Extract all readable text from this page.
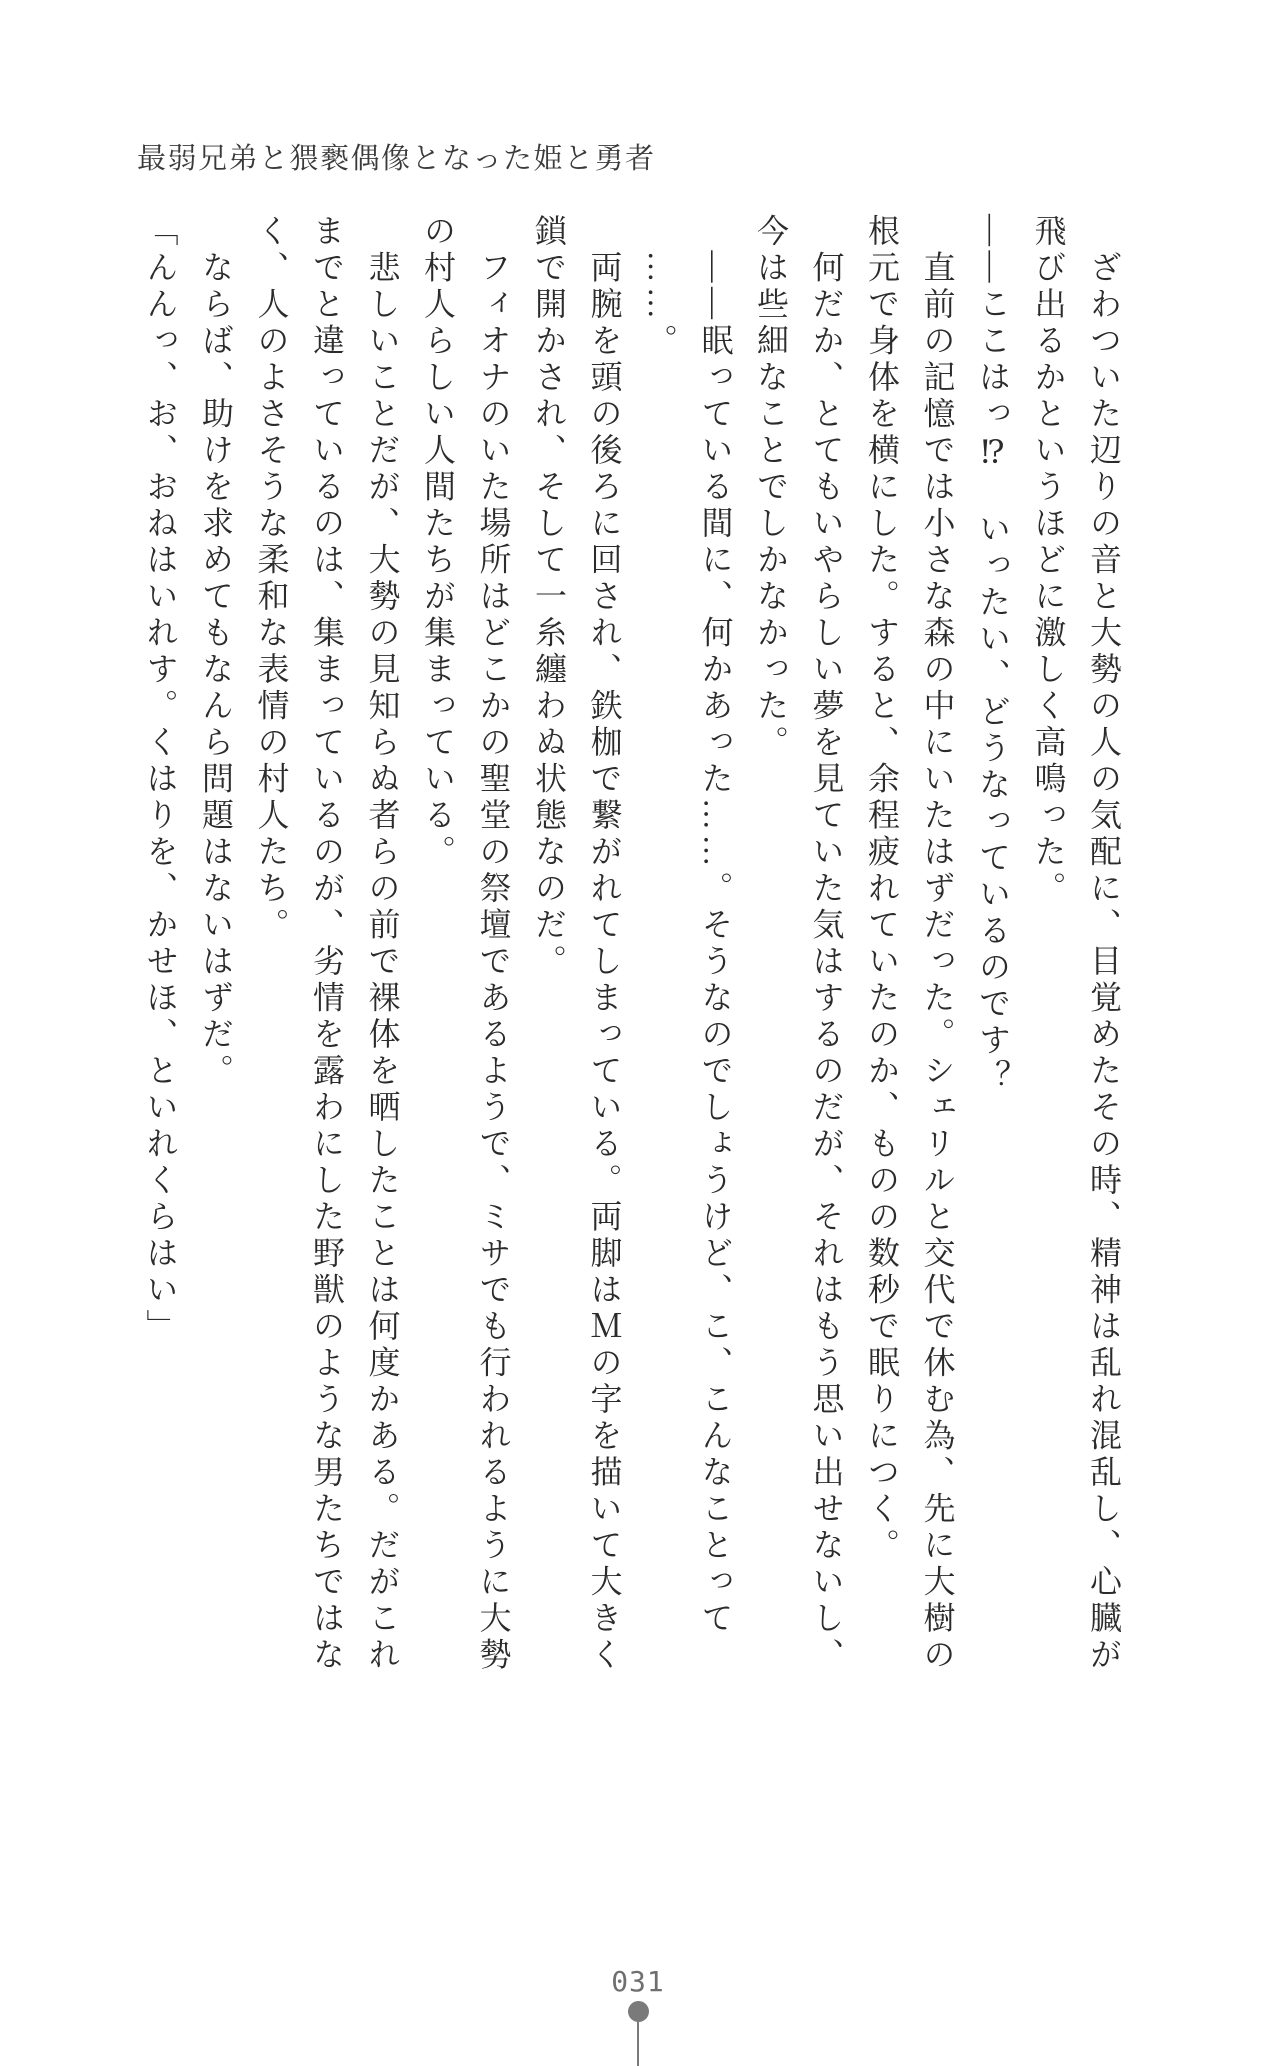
最弱兄弟と猥褻偶像となった姫と勇者

　ざわついた辺りの音と大勢の人の気配に、目覚めたその時、精神は乱れ混乱し、心臓が

飛び出るかというほどに激しく高鳴った。

――ここはっ⁉　いったい、どうなっているのです？

　直前の記憶では小さな森の中にいたはずだった。シェリルと交代で休む為、先に大樹の

根元で身体を横にした。すると、余程疲れていたのか、ものの数秒で眠りにつく。

　何だか、とてもいやらしい夢を見ていた気はするのだが、それはもう思い出せないし、

今は些細なことでしかなかった。

　――眠っている間に、何かあった……。そうなのでしょうけど、こ、こんなことって

　……。

　両腕を頭の後ろに回され、鉄枷で繋がれてしまっている。両脚はＭの字を描いて大きく

鎖で開かされ、そして一糸纏わぬ状態なのだ。

　フィオナのいた場所はどこかの聖堂の祭壇であるようで、ミサでも行われるように大勢

の村人らしい人間たちが集まっている。

　悲しいことだが、大勢の見知らぬ者らの前で裸体を晒したことは何度かある。だがこれ

までと違っているのは、集まっているのが、劣情を露わにした野獣のような男たちではな

く、人のよさそうな柔和な表情の村人たち。

　ならば、助けを求めてもなんら問題はないはずだ。

「んんっ、お、おねはいれす。くはりを、かせほ、といれくらはい」

031
